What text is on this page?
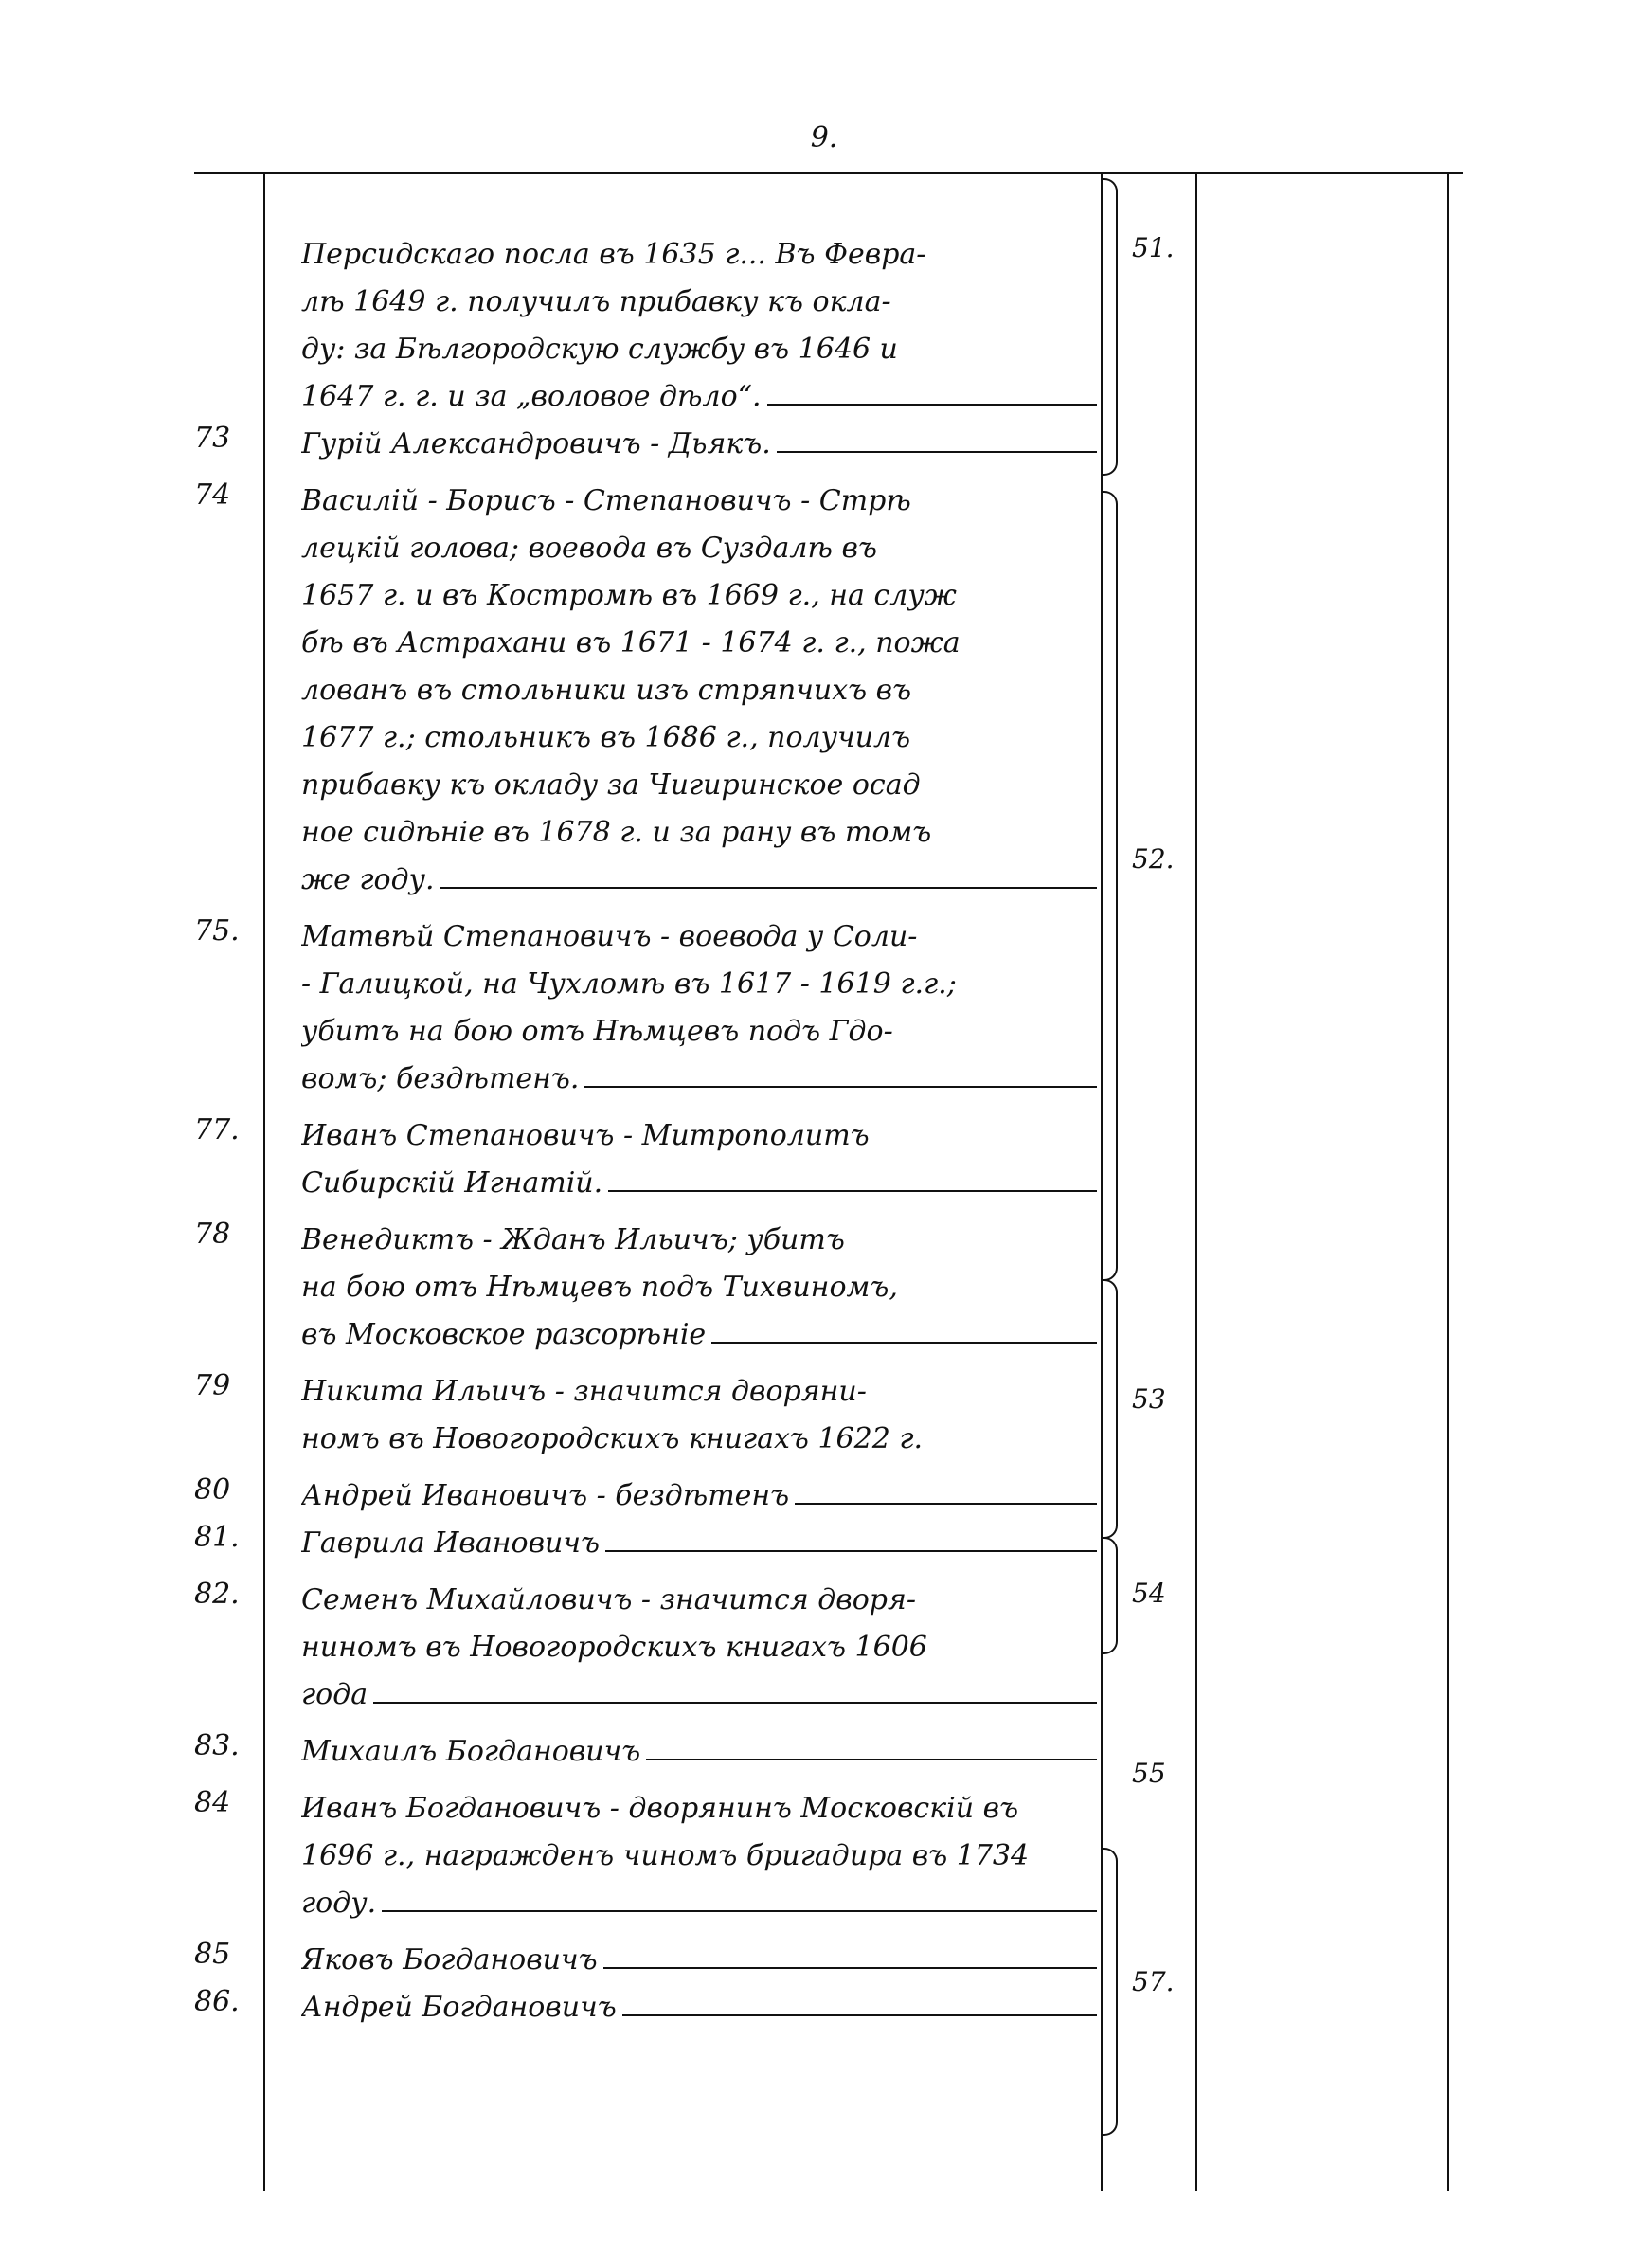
9.
Персидскаго посла въ 1635 г... Въ Февра-
лѣ 1649 г. получилъ прибавку къ окла-
ду: за Бѣлгородскую службу въ 1646 и
1647 г. г. и за „воловое дѣло“.
73	Гурій Александровичъ - Дьякъ.
74	Василій - Борисъ - Степановичъ - Стрѣ
лецкій голова; воевода въ Суздалѣ въ
1657 г. и въ Костромѣ въ 1669 г., на служ
бѣ въ Астрахани въ 1671 - 1674 г. г., пожа
лованъ въ стольники изъ стряпчихъ въ
1677 г.; стольникъ въ 1686 г., получилъ
прибавку къ окладу за Чигиринское осад
ное сидѣніе въ 1678 г. и за рану въ томъ
же году.
75.	Матвѣй Степановичъ - воевода у Соли-
- Галицкой, на Чухломѣ въ 1617 - 1619 г.г.;
убитъ на бою отъ Нѣмцевъ подъ Гдо-
вомъ; бездѣтенъ.
77.	Иванъ Степановичъ - Митрополитъ
Сибирскій Игнатій.
78	Венедиктъ - Жданъ Ильичъ; убитъ
на бою отъ Нѣмцевъ подъ Тихвиномъ,
въ Московское разсорѣніе
79	Никита Ильичъ - значится дворяни-
номъ въ Новогородскихъ книгахъ 1622 г.
80	Андрей Ивановичъ - бездѣтенъ
81.	Гаврила Ивановичъ
82.	Семенъ Михайловичъ - значится дворя-
ниномъ въ Новогородскихъ книгахъ 1606
года
83.	Михаилъ Богдановичъ
84	Иванъ Богдановичъ - дворянинъ Московскій въ
1696 г., награжденъ чиномъ бригадира въ 1734
году.
85	Яковъ Богдановичъ
86.	Андрей Богдановичъ
51.
52.
53
54
55
57.
